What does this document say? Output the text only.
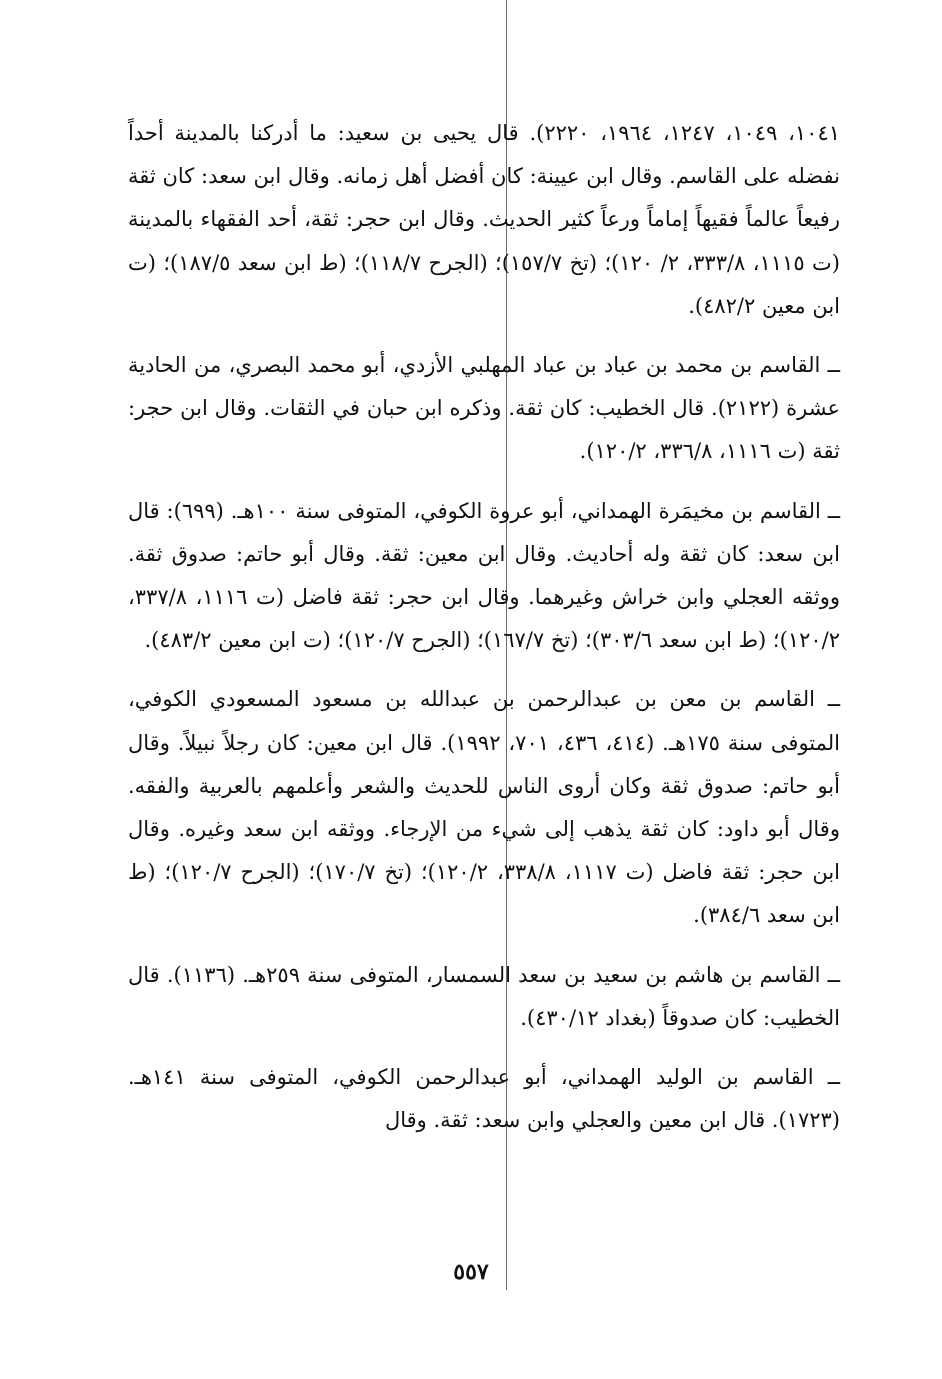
١٠٤١، ١٠٤٩، ١٢٤٧، ١٩٦٤، ٢٢٢٠). قال يحيى بن سعيد: ما أدركنا بالمدينة أحداً نفضله على القاسم. وقال ابن عيينة: كان أفضل أهل زمانه. وقال ابن سعد: كان ثقة رفيعاً عالماً فقيهاً إماماً ورعاً كثير الحديث. وقال ابن حجر: ثقة، أحد الفقهاء بالمدينة (ت ١١١٥، ٣٣٣/٨، ٢/ ١٢٠)؛ (تخ ١٥٧/٧)؛ (الجرح ١١٨/٧)؛ (ط ابن سعد ١٨٧/٥)؛ (ت ابن معين ٤٨٢/٢).

ــ القاسم بن محمد بن عباد بن عباد المهلبي الأزدي، أبو محمد البصري، من الحادية عشرة (٢١٢٢). قال الخطيب: كان ثقة. وذكره ابن حبان في الثقات. وقال ابن حجر: ثقة (ت ١١١٦، ٣٣٦/٨، ١٢٠/٢).

ــ القاسم بن مخيمَرة الهمداني، أبو عروة الكوفي، المتوفى سنة ١٠٠هـ. (٦٩٩): قال ابن سعد: كان ثقة وله أحاديث. وقال ابن معين: ثقة. وقال أبو حاتم: صدوق ثقة. ووثقه العجلي وابن خراش وغيرهما. وقال ابن حجر: ثقة فاضل (ت ١١١٦، ٣٣٧/٨، ١٢٠/٢)؛ (ط ابن سعد ٣٠٣/٦)؛ (تخ ١٦٧/٧)؛ (الجرح ١٢٠/٧)؛ (ت ابن معين ٤٨٣/٢).

ــ القاسم بن معن بن عبدالرحمن بن عبدالله بن مسعود المسعودي الكوفي، المتوفى سنة ١٧٥هـ. (٤١٤، ٤٣٦، ٧٠١، ١٩٩٢). قال ابن معين: كان رجلاً نبيلاً. وقال أبو حاتم: صدوق ثقة وكان أروى الناس للحديث والشعر وأعلمهم بالعربية والفقه. وقال أبو داود: كان ثقة يذهب إلى شيء من الإرجاء. ووثقه ابن سعد وغيره. وقال ابن حجر: ثقة فاضل (ت ١١١٧، ٣٣٨/٨، ١٢٠/٢)؛ (تخ ١٧٠/٧)؛ (الجرح ١٢٠/٧)؛ (ط ابن سعد ٣٨٤/٦).

ــ القاسم بن هاشم بن سعيد بن سعد السمسار، المتوفى سنة ٢٥٩هـ. (١١٣٦). قال الخطيب: كان صدوقاً (بغداد ٤٣٠/١٢).

ــ القاسم بن الوليد الهمداني، أبو عبدالرحمن الكوفي، المتوفى سنة ١٤١هـ. (١٧٢٣). قال ابن معين والعجلي وابن سعد: ثقة. وقال

٥٥٧
